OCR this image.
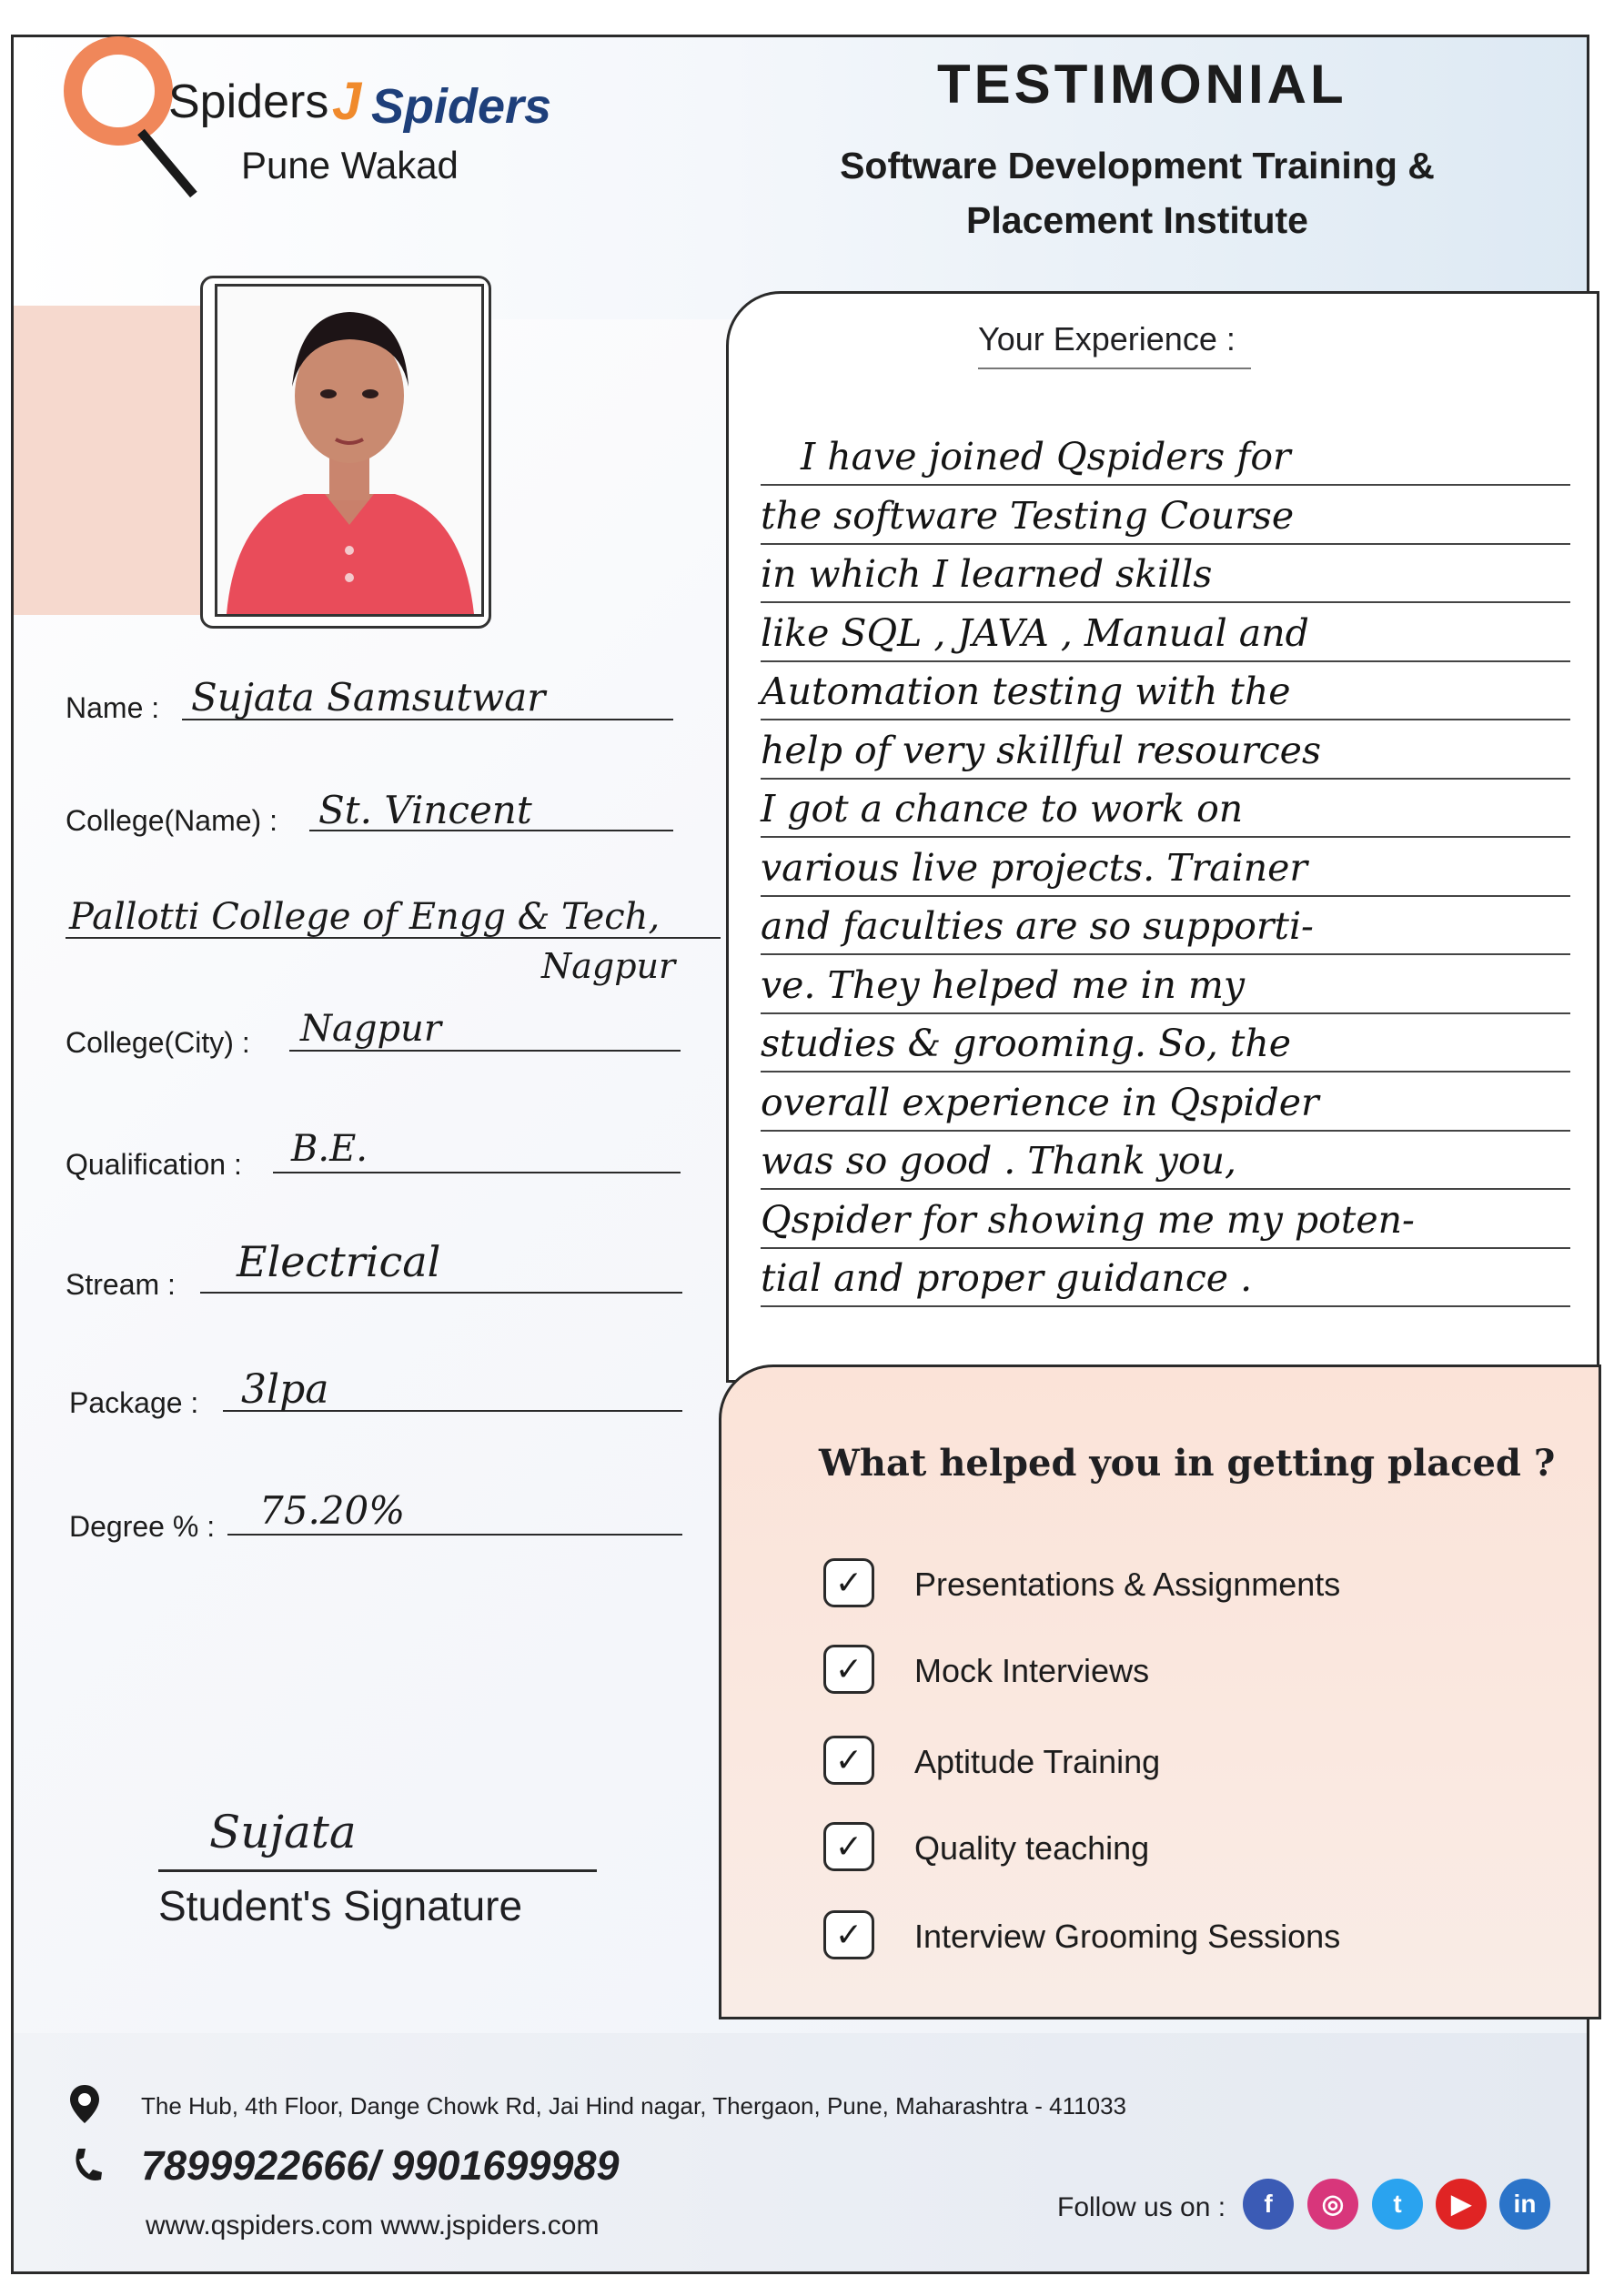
Spiders J Spiders
Pune Wakad
TESTIMONIAL
Software Development Training &
Placement Institute
Name : Sujata Samsutwar
College(Name) : St. Vincent
Pallotti College of Engg & Tech,
Nagpur
College(City) : Nagpur
Qualification : B.E.
Stream : Electrical
Package : 3lpa
Degree % : 75.20%
Your Experience :
I have joined Qspiders for
the software Testing Course
in which I learned skills
like SQL , JAVA , Manual and
Automation testing with the
help of very skillful resources
I got a chance to work on
various live projects. Trainer
and faculties are so supporti-
ve. They helped me in my
studies & grooming. So, the
overall experience in Qspider
was so good . Thank you,
Qspider for showing me my poten-
tial and proper guidance .
What helped you in getting placed ?
✓	Presentations & Assignments
✓	Mock Interviews
✓	Aptitude Training
✓	Quality teaching
✓	Interview Grooming Sessions
Sujata
Student's Signature
The Hub, 4th Floor, Dange Chowk Rd, Jai Hind nagar, Thergaon, Pune, Maharashtra - 411033
7899922666/ 9901699989
www.qspiders.com www.jspiders.com
Follow us on :	f	◎	t	▶	in
